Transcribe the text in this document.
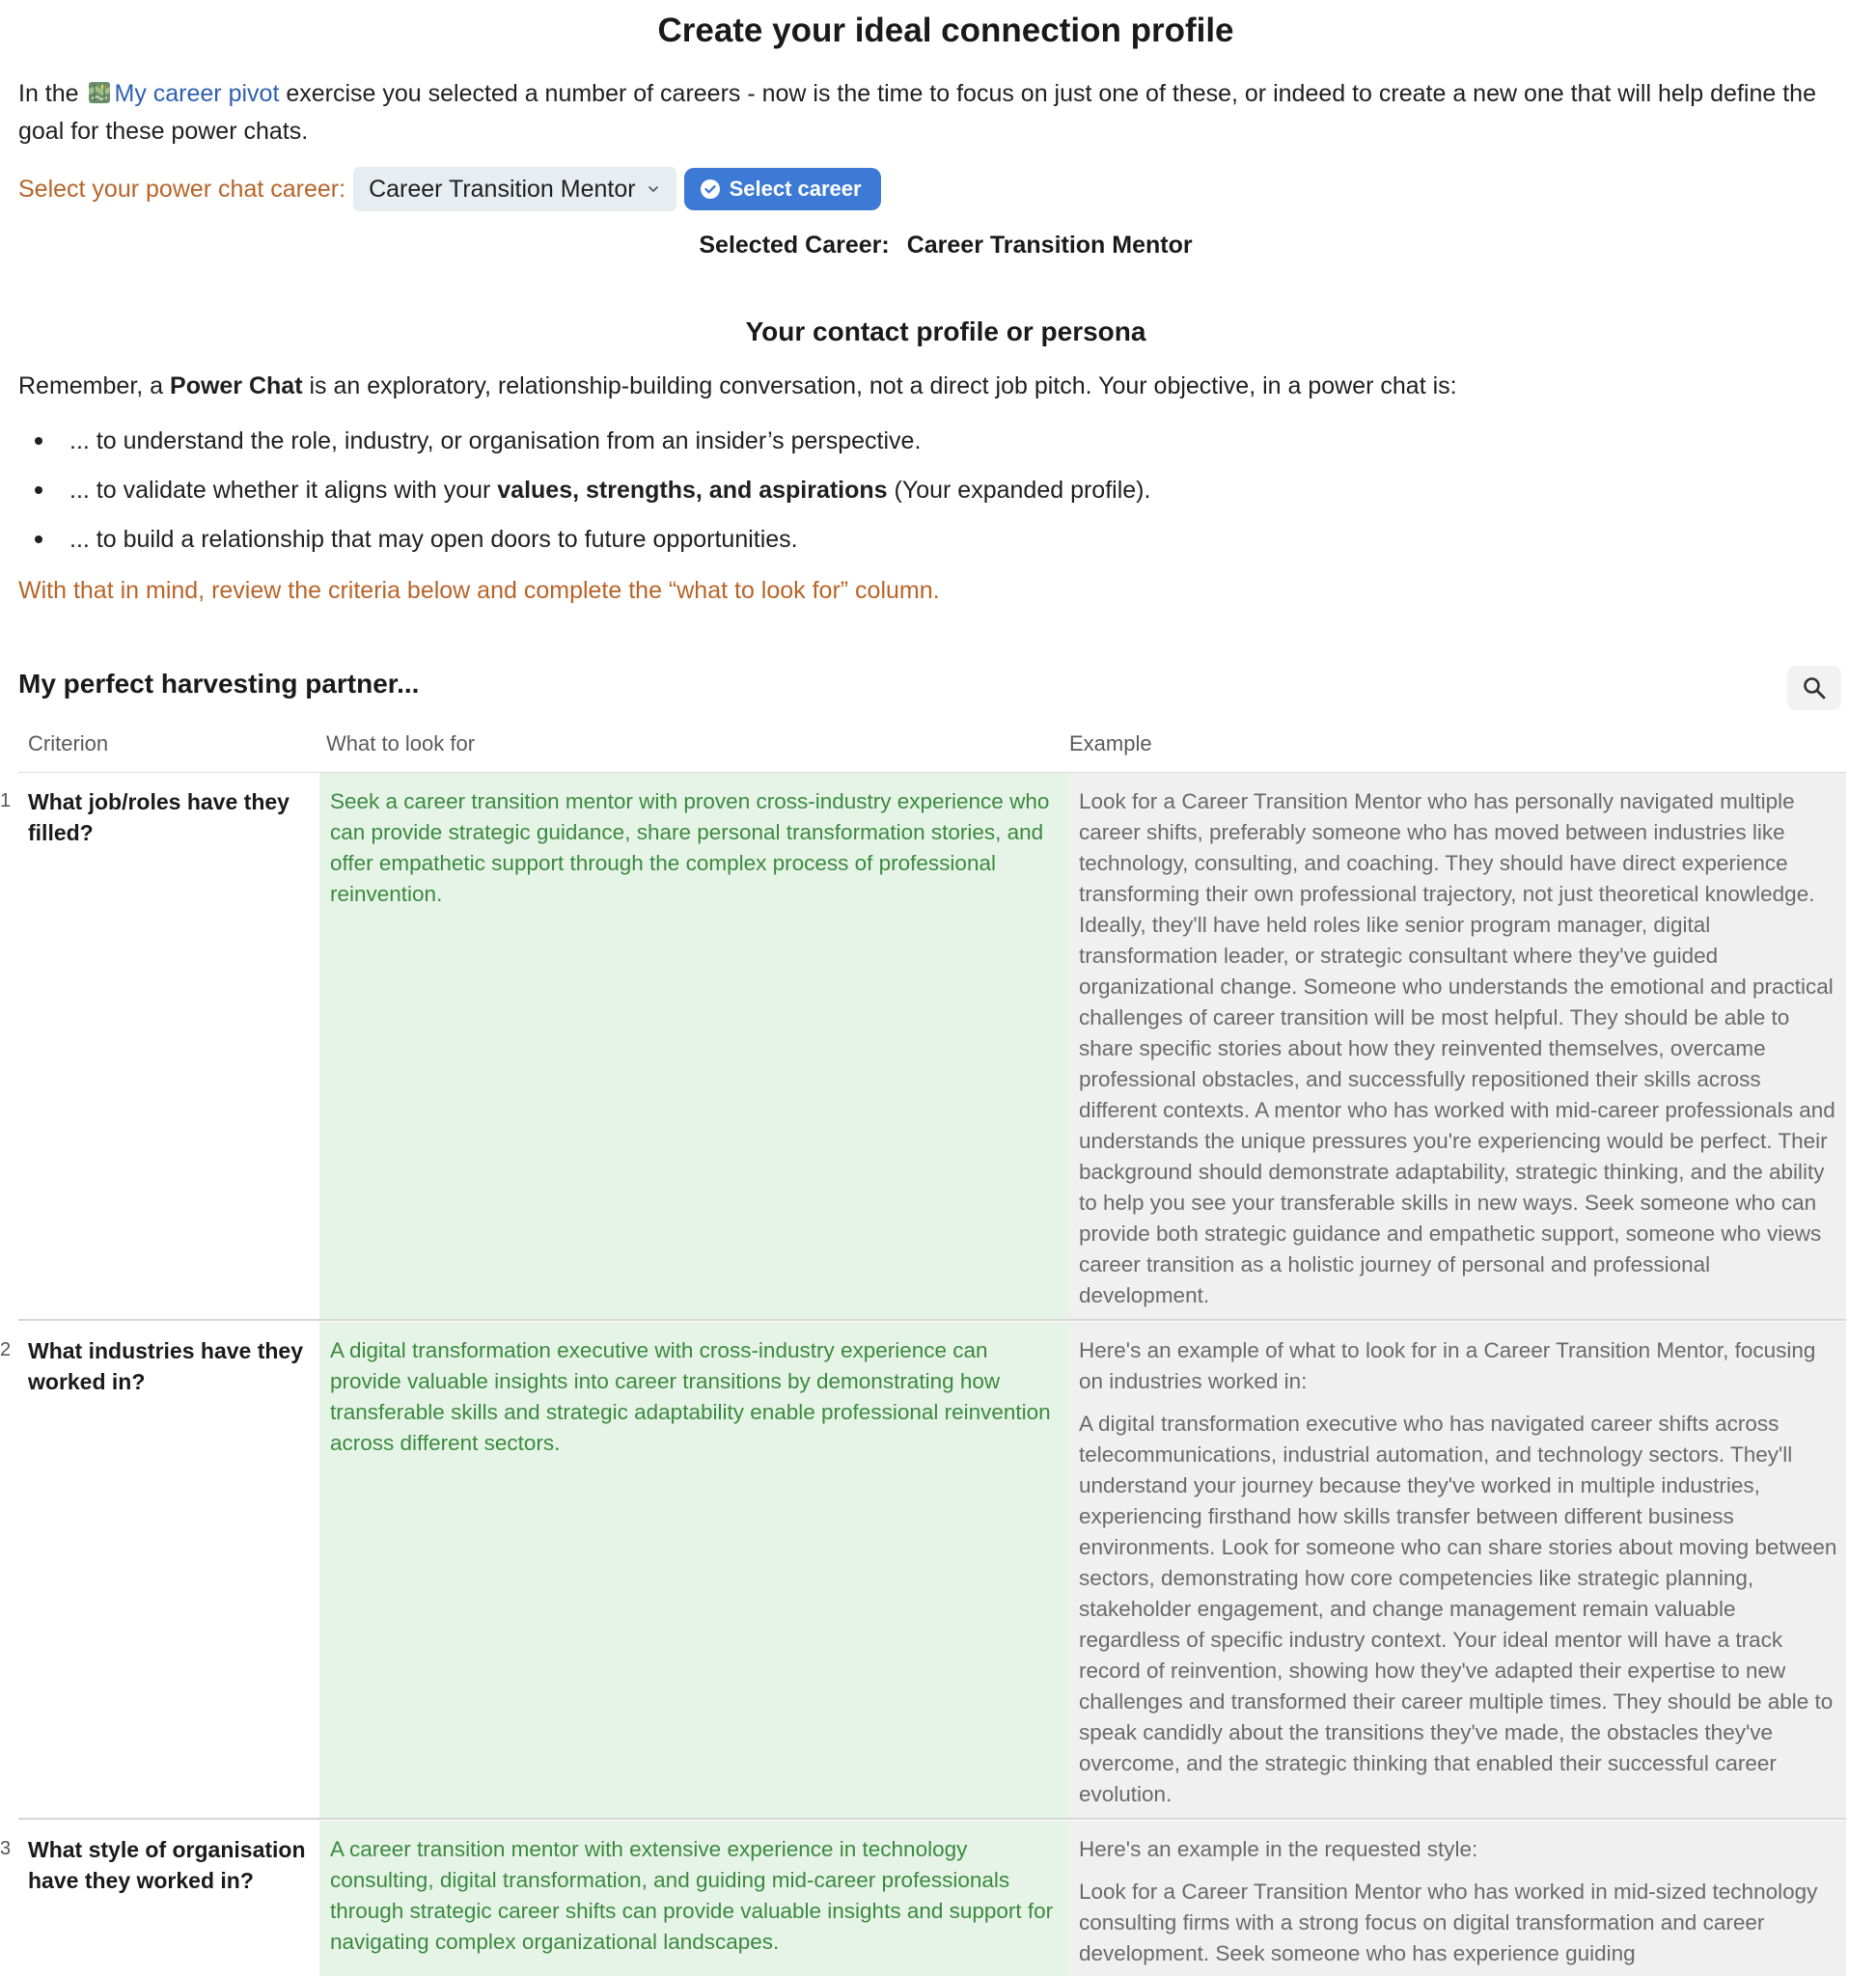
Create your ideal connection profile
In the My career pivot exercise you selected a number of careers - now is the time to focus on just one of these, or indeed to create a new one that will help define the goal for these power chats.
Select your power chat career: Career Transition Mentor	Select career
Selected Career: Career Transition Mentor
Your contact profile or persona
Remember, a Power Chat is an exploratory, relationship-building conversation, not a direct job pitch. Your objective, in a power chat is:
... to understand the role, industry, or organisation from an insider’s perspective.
... to validate whether it aligns with your values, strengths, and aspirations (Your expanded profile).
... to build a relationship that may open doors to future opportunities.
With that in mind, review the criteria below and complete the “what to look for” column.
My perfect harvesting partner...
Criterion	What to look for	Example
1 What job/roles have they filled?
Seek a career transition mentor with proven cross-industry experience who can provide strategic guidance, share personal transformation stories, and offer empathetic support through the complex process of professional reinvention.

Look for a Career Transition Mentor who has personally navigated multiple career shifts, preferably someone who has moved between industries like technology, consulting, and coaching. They should have direct experience transforming their own professional trajectory, not just theoretical knowledge. Ideally, they'll have held roles like senior program manager, digital transformation leader, or strategic consultant where they've guided organizational change. Someone who understands the emotional and practical challenges of career transition will be most helpful. They should be able to share specific stories about how they reinvented themselves, overcame professional obstacles, and successfully repositioned their skills across different contexts. A mentor who has worked with mid-career professionals and understands the unique pressures you're experiencing would be perfect. Their background should demonstrate adaptability, strategic thinking, and the ability to help you see your transferable skills in new ways. Seek someone who can provide both strategic guidance and empathetic support, someone who views career transition as a holistic journey of personal and professional development.

2 What industries have they worked in?
A digital transformation executive with cross-industry experience can provide valuable insights into career transitions by demonstrating how transferable skills and strategic adaptability enable professional reinvention across different sectors.

Here's an example of what to look for in a Career Transition Mentor, focusing on industries worked in:

A digital transformation executive who has navigated career shifts across telecommunications, industrial automation, and technology sectors. They'll understand your journey because they've worked in multiple industries, experiencing firsthand how skills transfer between different business environments. Look for someone who can share stories about moving between sectors, demonstrating how core competencies like strategic planning, stakeholder engagement, and change management remain valuable regardless of specific industry context. Your ideal mentor will have a track record of reinvention, showing how they've adapted their expertise to new challenges and transformed their career multiple times. They should be able to speak candidly about the transitions they've made, the obstacles they've overcome, and the strategic thinking that enabled their successful career evolution.

3 What style of organisation have they worked in?
A career transition mentor with extensive experience in technology consulting, digital transformation, and guiding mid-career professionals through strategic career shifts can provide valuable insights and support for navigating complex organizational landscapes.

Here's an example in the requested style:

Look for a Career Transition Mentor who has worked in mid-sized technology consulting firms with a strong focus on digital transformation and career development. Seek someone who has experience guiding
